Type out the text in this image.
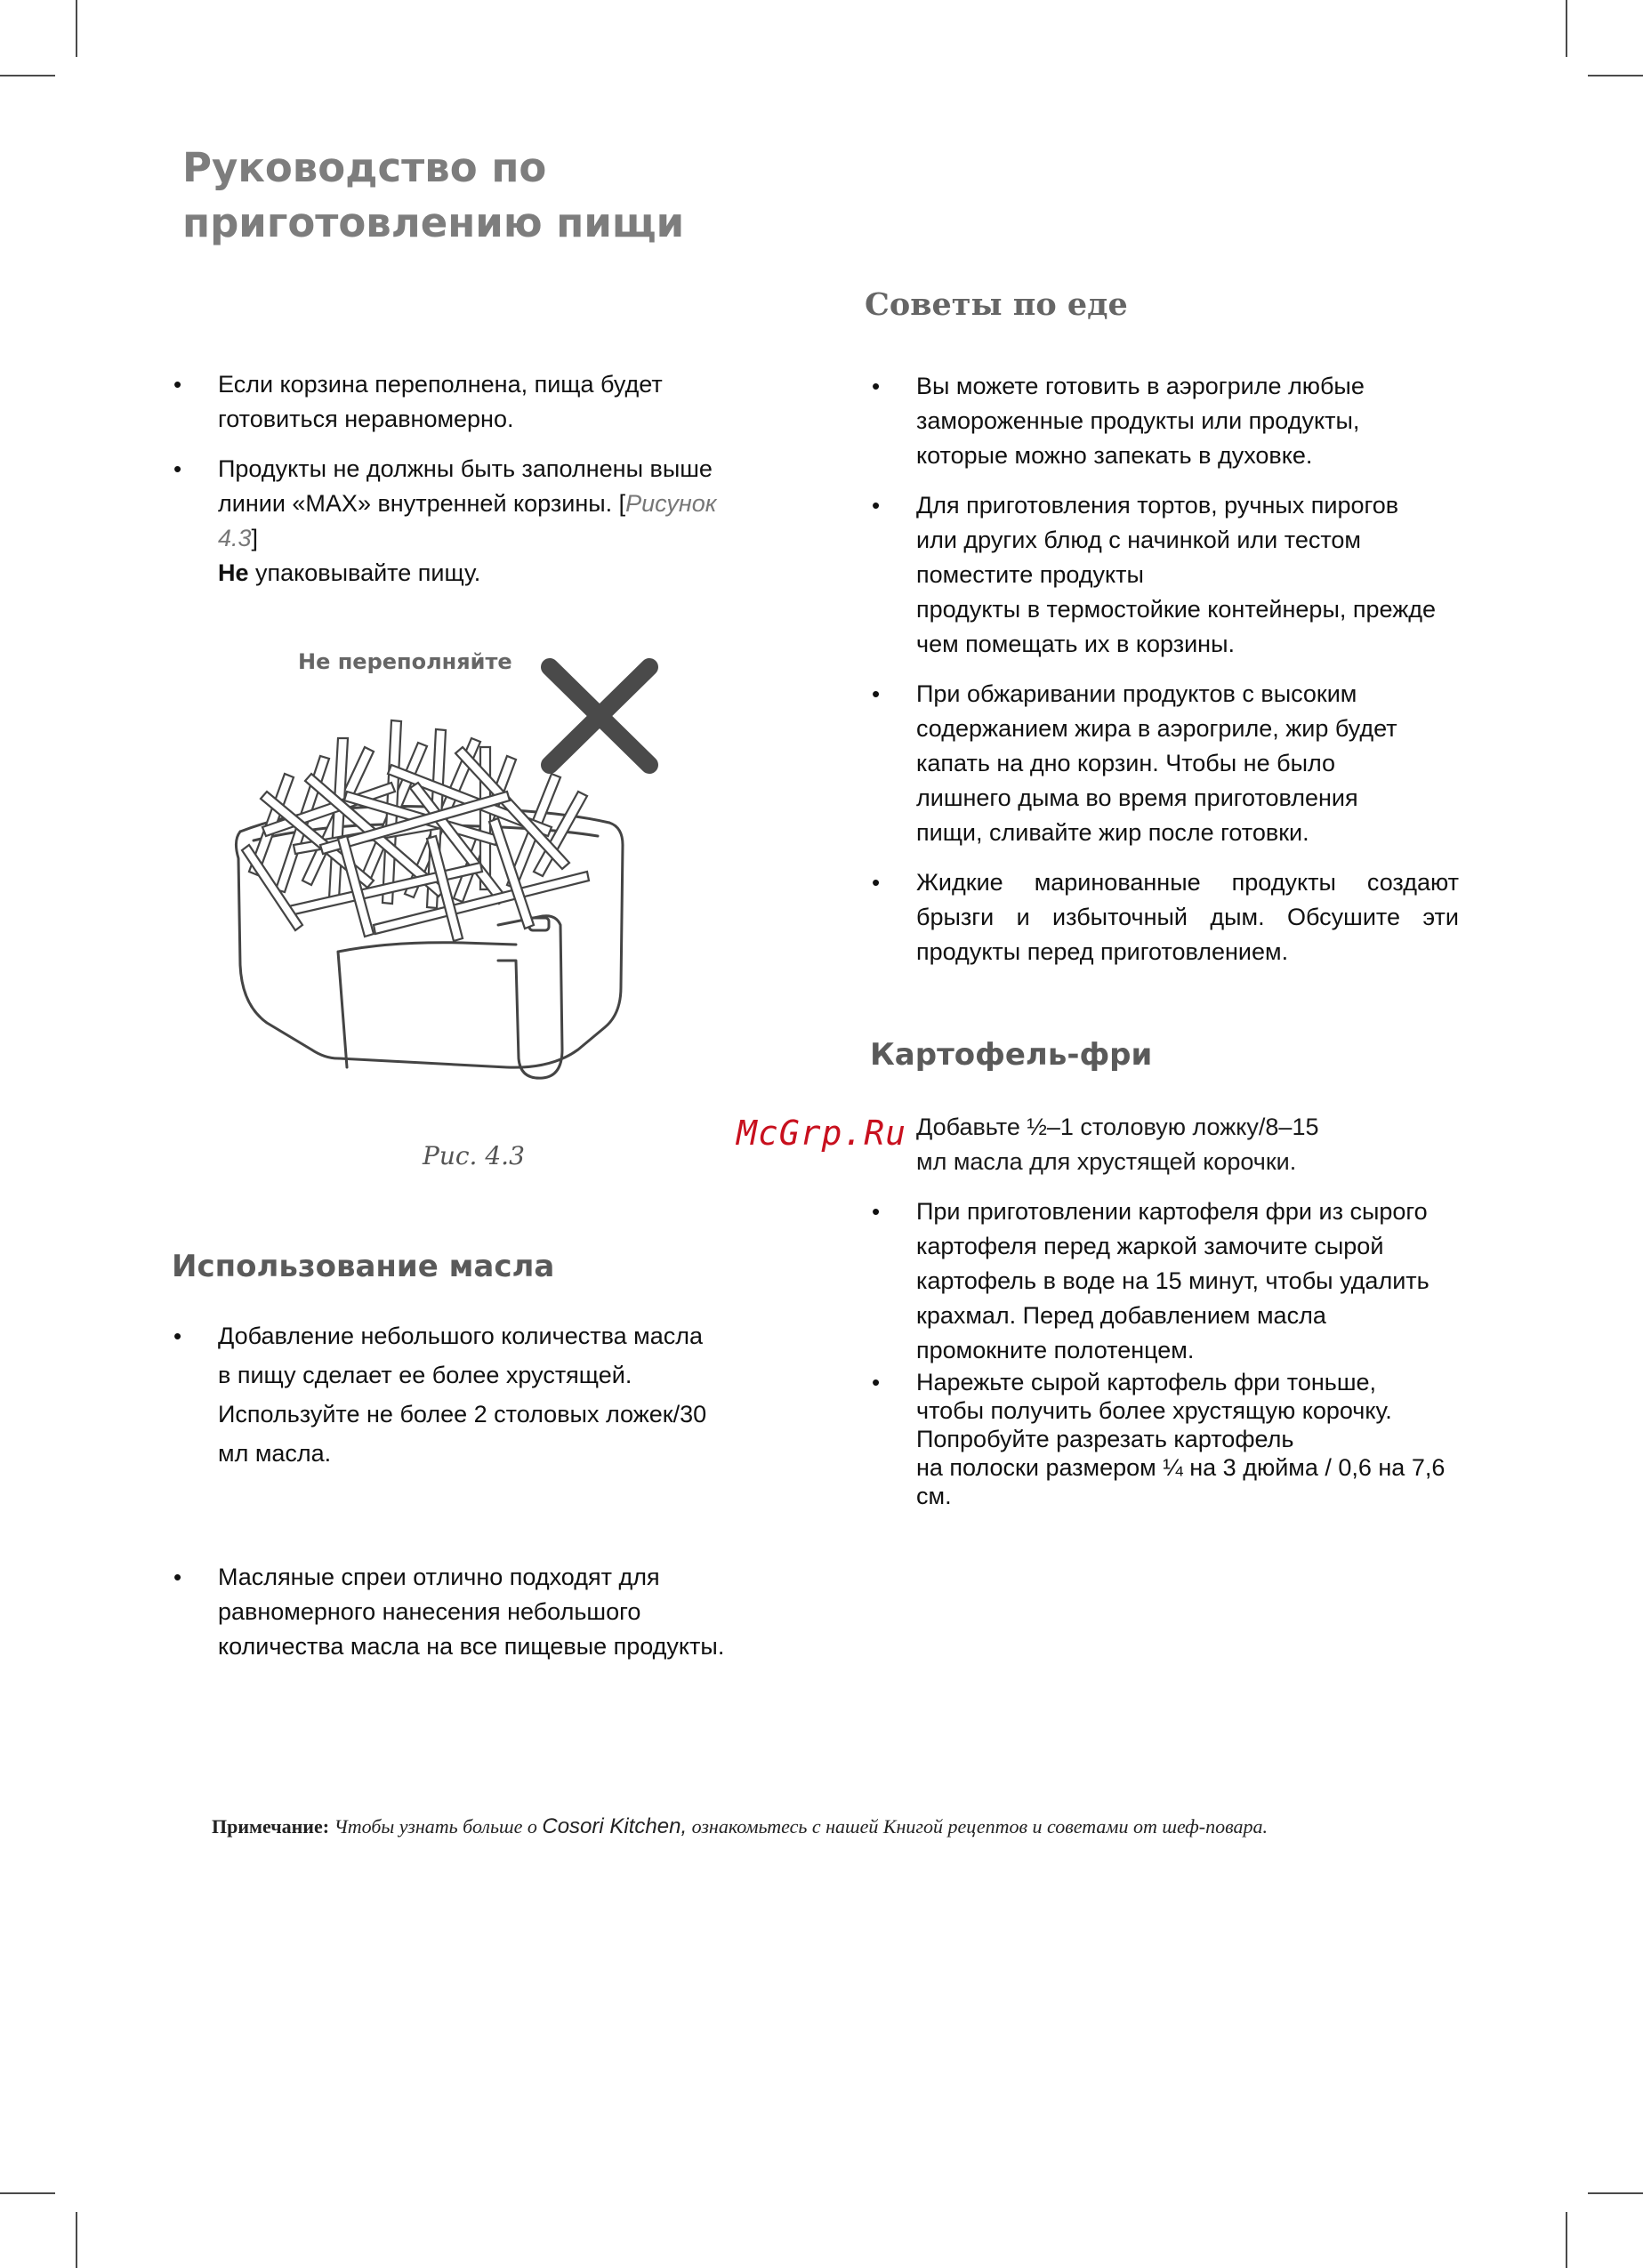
Руководство по
приготовлению пищи
• Если корзина переполнена, пища будет
готовиться неравномерно.
• Продукты не должны быть заполнены выше
линии «MAX» внутренней корзины. [Рисунок
4.3]
Не упаковывайте пищу.
Не переполняйте
Рис. 4.3
Использование масла
• Добавление небольшого количества масла
в пищу сделает ее более хрустящей.
Используйте не более 2 столовых ложек/30
мл масла.
• Масляные спреи отлично подходят для
равномерного нанесения небольшого
количества масла на все пищевые продукты.
Советы по еде
• Вы можете готовить в аэрогриле любые
замороженные продукты или продукты,
которые можно запекать в духовке.
• Для приготовления тортов, ручных пирогов
или других блюд с начинкой или тестом
поместите продукты
продукты в термостойкие контейнеры, прежде
чем помещать их в корзины.
• При обжаривании продуктов с высоким
содержанием жира в аэрогриле, жир будет
капать на дно корзин. Чтобы не было
лишнего дыма во время приготовления
пищи, сливайте жир после готовки.
• Жидкие маринованные продукты создают
брызги и избыточный дым. Обсушите эти
продукты перед приготовлением.
Картофель-фри
Добавьте ½–1 столовую ложку/8–15
мл масла для хрустящей корочки.
• При приготовлении картофеля фри из сырого
картофеля перед жаркой замочите сырой
картофель в воде на 15 минут, чтобы удалить
крахмал. Перед добавлением масла
промокните полотенцем.
• Нарежьте сырой картофель фри тоньше,
чтобы получить более хрустящую корочку.
Попробуйте разрезать картофель
на полоски размером ¼ на 3 дюйма / 0,6 на 7,6
см.
McGrp.Ru
Примечание: Чтобы узнать больше о Cosori Kitchen, ознакомьтесь с нашей Книгой рецептов и советами от шеф-повара.
